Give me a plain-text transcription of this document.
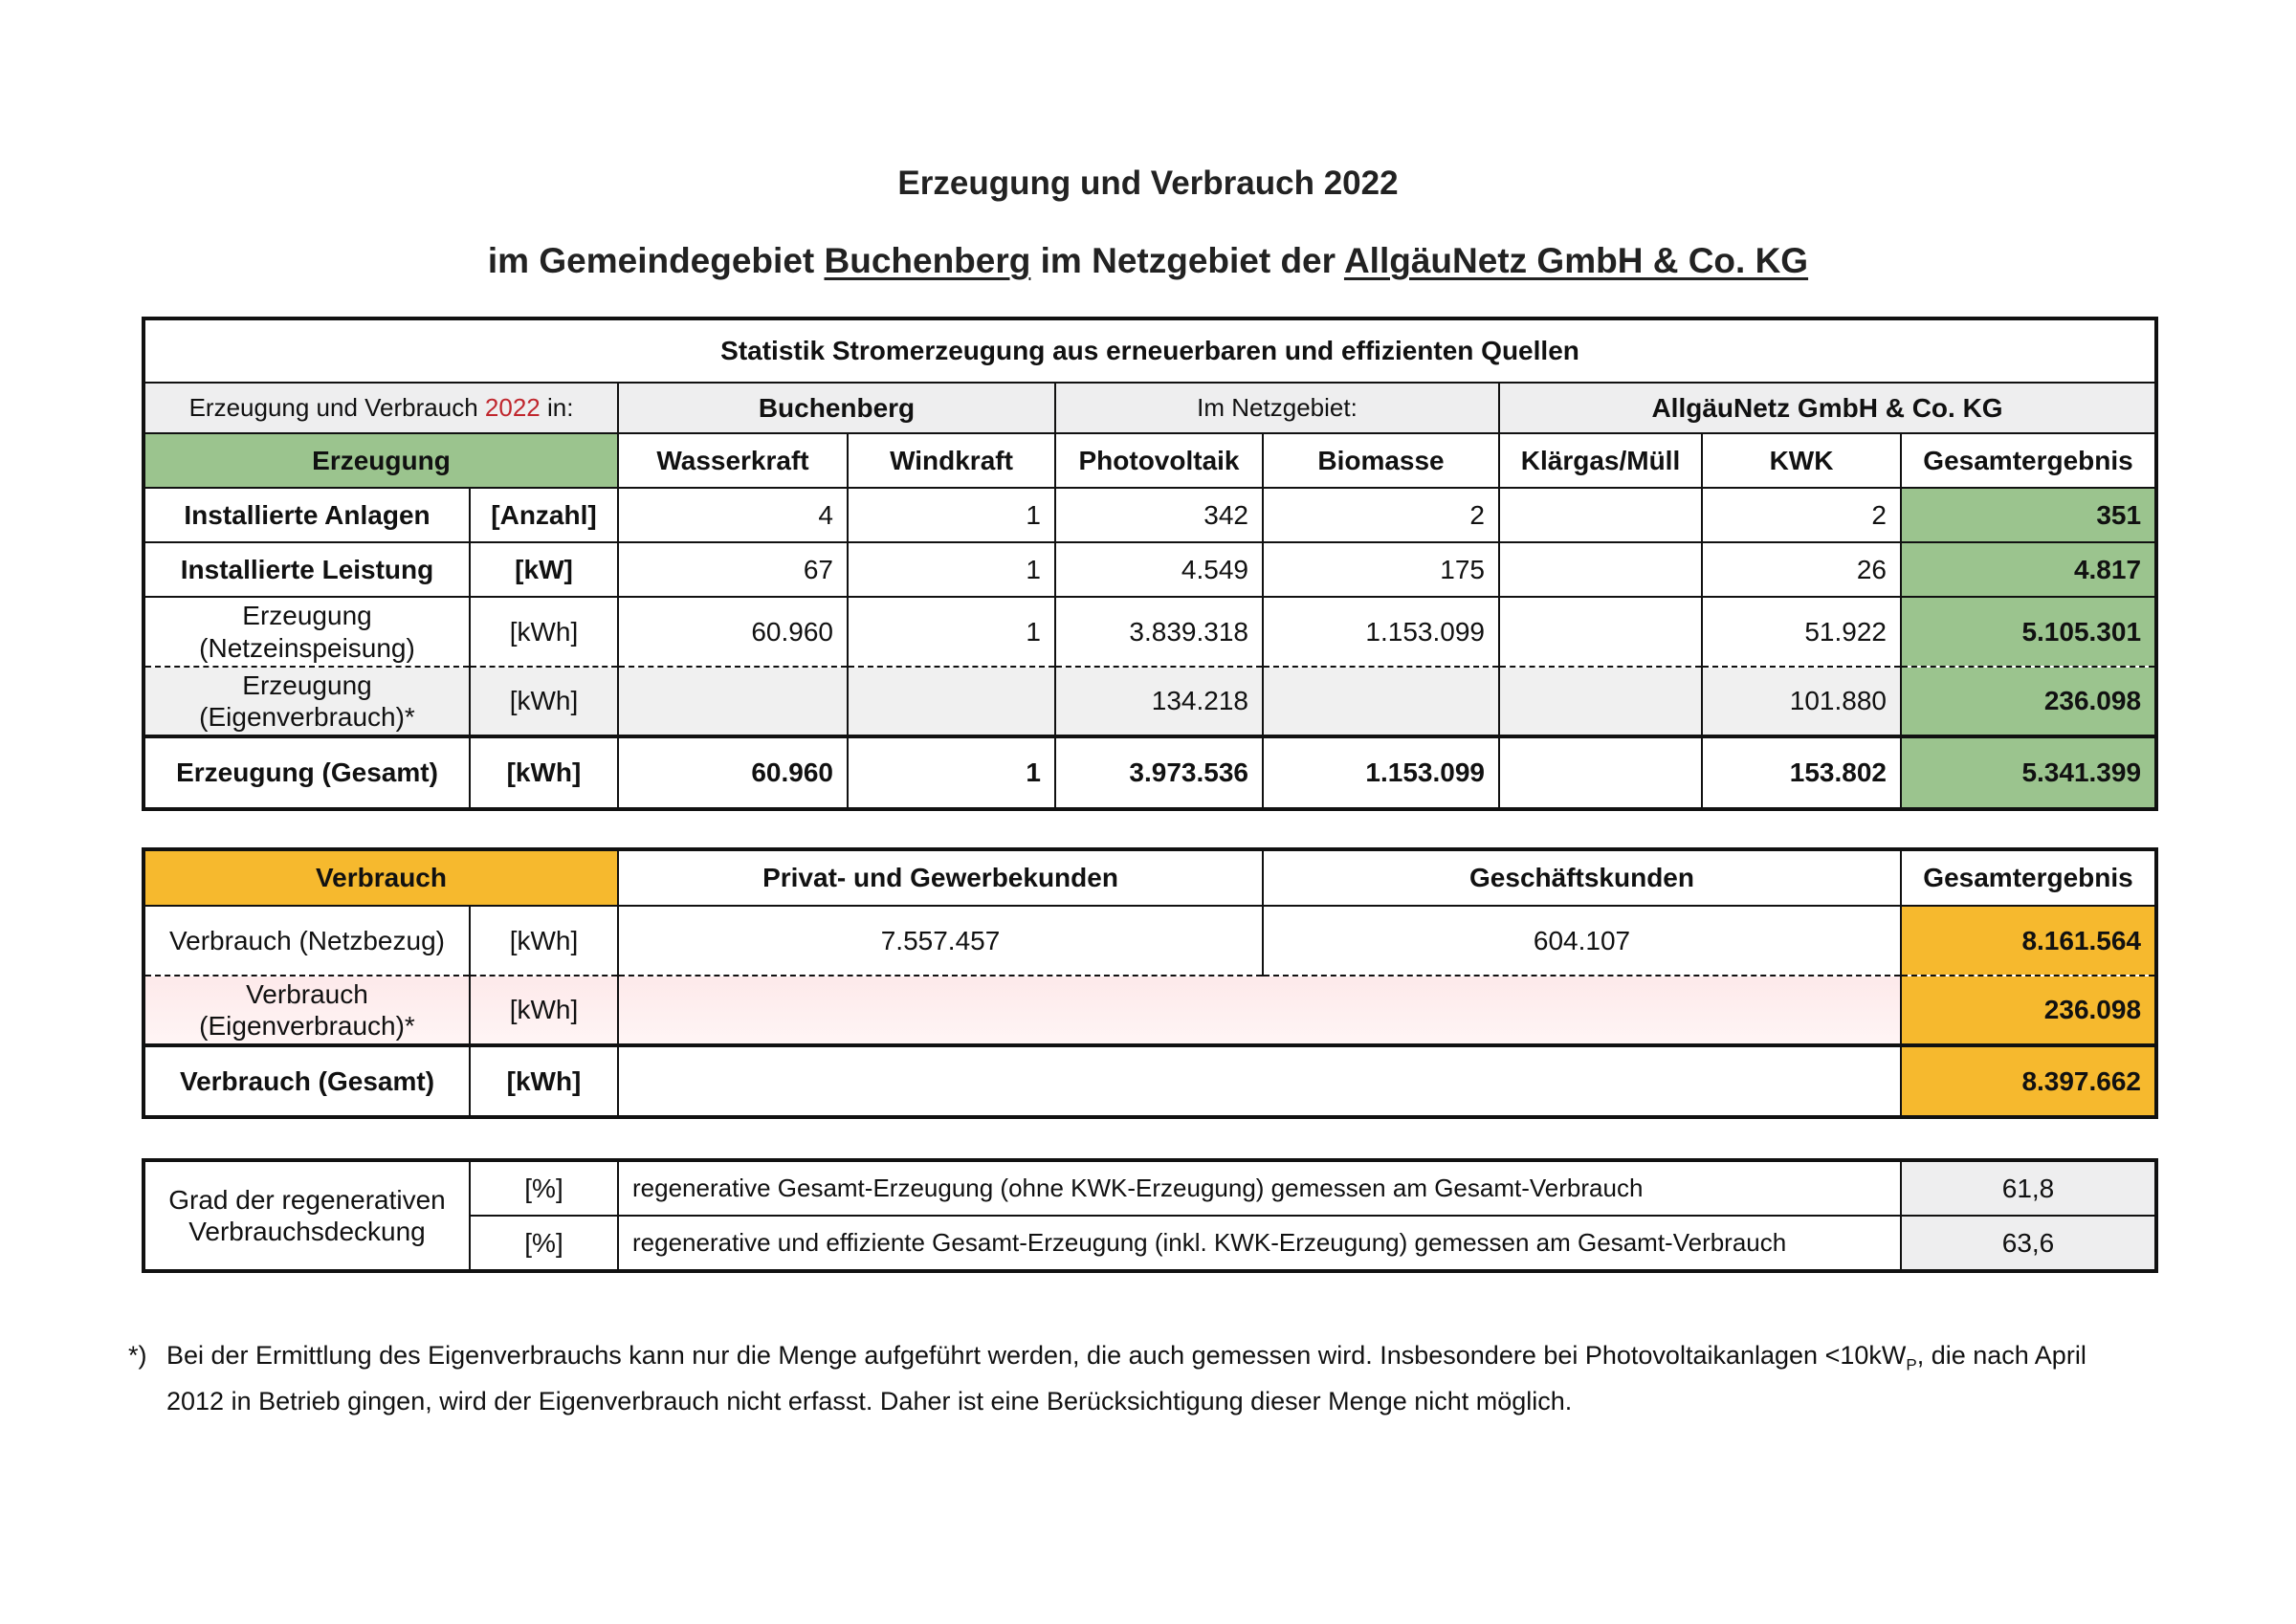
Erzeugung und Verbrauch 2022
im Gemeindegebiet Buchenberg im Netzgebiet der AllgäuNetz GmbH & Co. KG
Statistik Stromerzeugung aus erneuerbaren und effizienten Quellen								
Erzeugung und Verbrauch 2022 in:		Buchenberg		Im Netzgebiet:		AllgäuNetz GmbH & Co. KG		
Erzeugung		Wasserkraft	Windkraft	Photovoltaik	Biomasse	Klärgas/Müll	KWK	Gesamtergebnis
Installierte Anlagen	[Anzahl]	4	1	342	2		2	351
Installierte Leistung	[kW]	67	1	4.549	175		26	4.817
Erzeugung (Netzeinspeisung)	[kWh]	60.960	1	3.839.318	1.153.099		51.922	5.105.301
Erzeugung (Eigenverbrauch)*	[kWh]			134.218			101.880	236.098
Erzeugung (Gesamt)	[kWh]	60.960	1	3.973.536	1.153.099		153.802	5.341.399
Verbrauch		Privat- und Gewerbekunden	Geschäftskunden	Gesamtergebnis
Verbrauch (Netzbezug)	[kWh]	7.557.457	604.107	8.161.564
Verbrauch (Eigenverbrauch)*	[kWh]			236.098
Verbrauch (Gesamt)	[kWh]			8.397.662
Grad der regenerativen Verbrauchsdeckung	[%]	regenerative Gesamt-Erzeugung (ohne KWK-Erzeugung) gemessen am Gesamt-Verbrauch	61,8
	[%]	regenerative und effiziente Gesamt-Erzeugung (inkl. KWK-Erzeugung) gemessen am Gesamt-Verbrauch	63,6
*) Bei der Ermittlung des Eigenverbrauchs kann nur die Menge aufgeführt werden, die auch gemessen wird. Insbesondere bei Photovoltaikanlagen $<10kW_P$, die nach April 2012 in Betrieb gingen, wird der Eigenverbrauch nicht erfasst. Daher ist eine Berücksichtigung dieser Menge nicht möglich.
